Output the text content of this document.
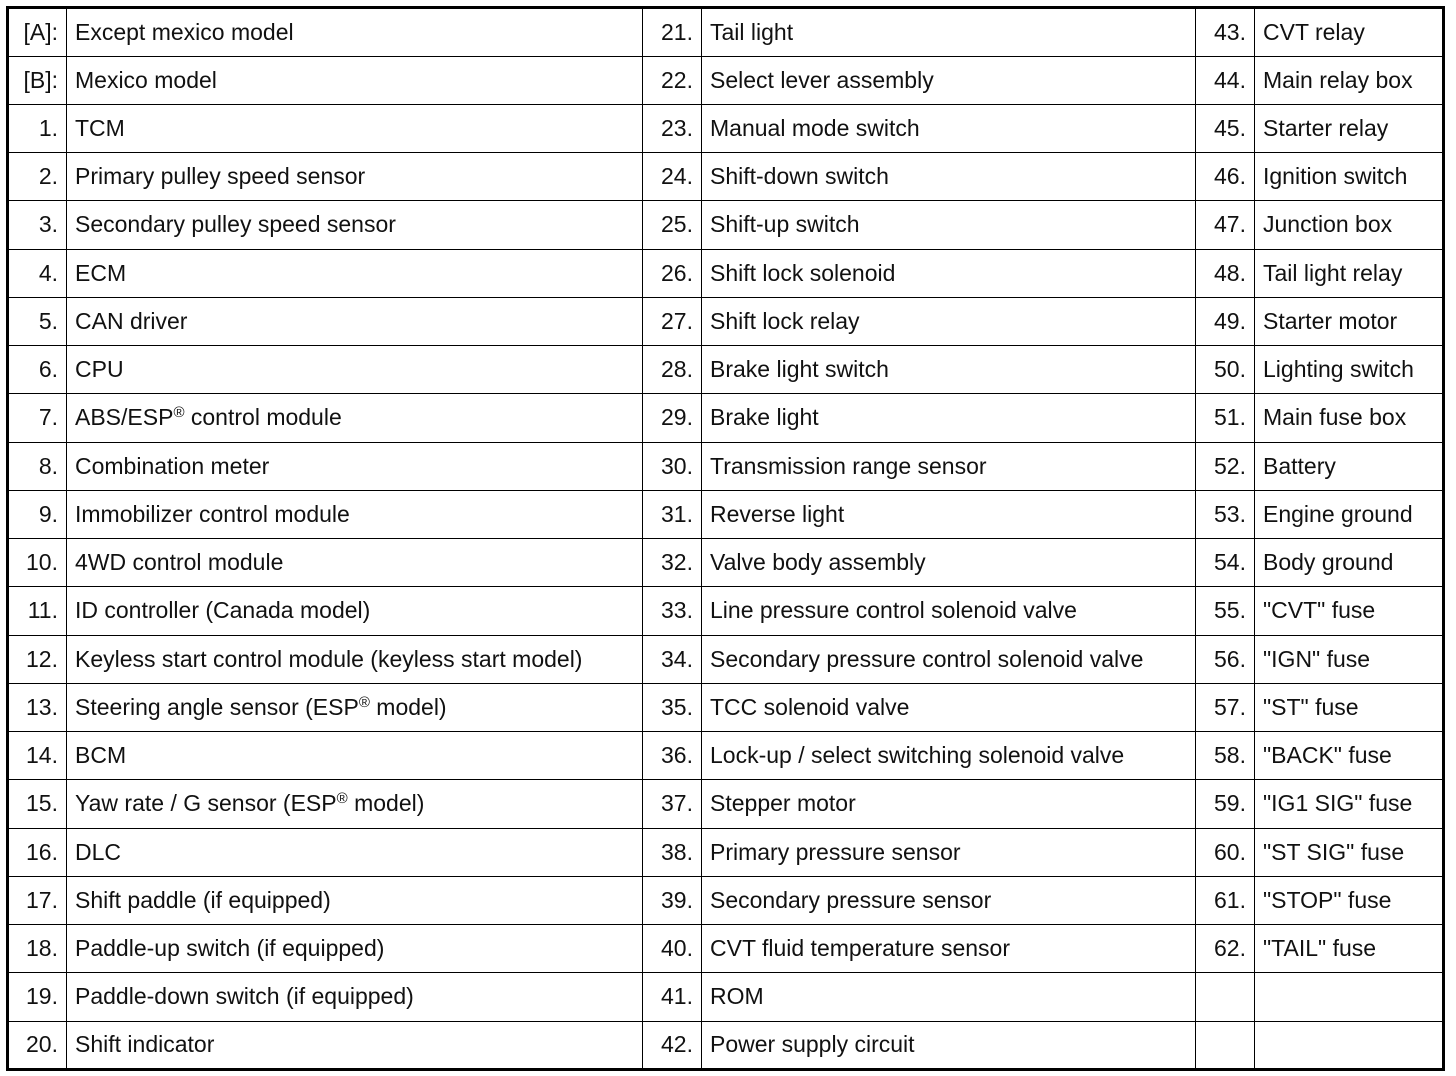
[A]:	Except mexico model	21.	Tail light	43.	CVT relay
[B]:	Mexico model	22.	Select lever assembly	44.	Main relay box
1.	TCM	23.	Manual mode switch	45.	Starter relay
2.	Primary pulley speed sensor	24.	Shift-down switch	46.	Ignition switch
3.	Secondary pulley speed sensor	25.	Shift-up switch	47.	Junction box
4.	ECM	26.	Shift lock solenoid	48.	Tail light relay
5.	CAN driver	27.	Shift lock relay	49.	Starter motor
6.	CPU	28.	Brake light switch	50.	Lighting switch
7.	ABS/ESP® control module	29.	Brake light	51.	Main fuse box
8.	Combination meter	30.	Transmission range sensor	52.	Battery
9.	Immobilizer control module	31.	Reverse light	53.	Engine ground
10.	4WD control module	32.	Valve body assembly	54.	Body ground
11.	ID controller (Canada model)	33.	Line pressure control solenoid valve	55.	"CVT" fuse
12.	Keyless start control module (keyless start model)	34.	Secondary pressure control solenoid valve	56.	"IGN" fuse
13.	Steering angle sensor (ESP® model)	35.	TCC solenoid valve	57.	"ST" fuse
14.	BCM	36.	Lock-up / select switching solenoid valve	58.	"BACK" fuse
15.	Yaw rate / G sensor (ESP® model)	37.	Stepper motor	59.	"IG1 SIG" fuse
16.	DLC	38.	Primary pressure sensor	60.	"ST SIG" fuse
17.	Shift paddle (if equipped)	39.	Secondary pressure sensor	61.	"STOP" fuse
18.	Paddle-up switch (if equipped)	40.	CVT fluid temperature sensor	62.	"TAIL" fuse
19.	Paddle-down switch (if equipped)	41.	ROM		
20.	Shift indicator	42.	Power supply circuit		
